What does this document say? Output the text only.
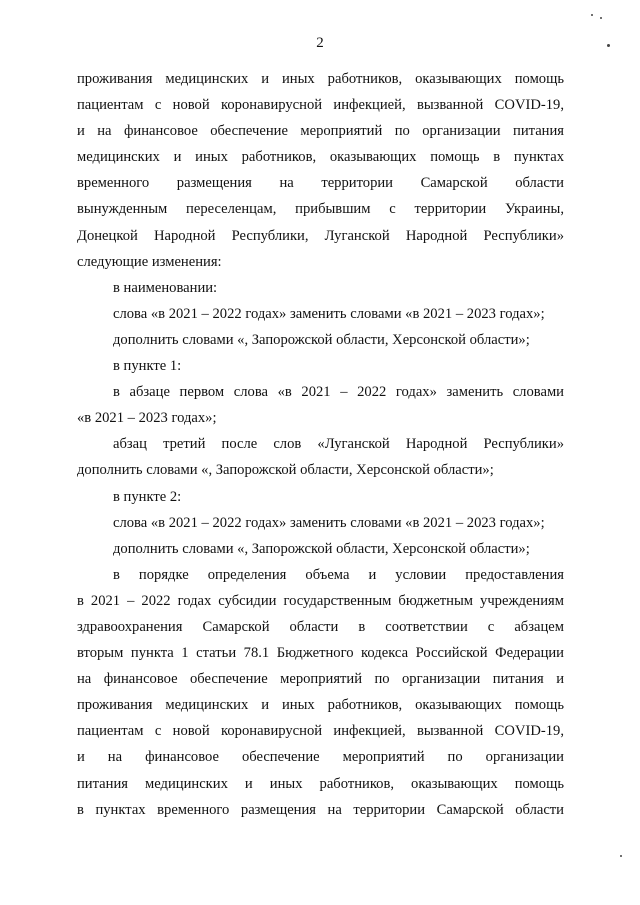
2

проживания медицинских и иных работников, оказывающих помощь

пациентам с новой коронавирусной инфекцией, вызванной COVID-19,

и на финансовое обеспечение мероприятий по организации питания

медицинских и иных работников, оказывающих помощь в пунктах

временного размещения на территории Самарской области

вынужденным переселенцам, прибывшим с территории Украины,

Донецкой Народной Республики, Луганской Народной Республики»

следующие изменения:

в наименовании:

слова «в 2021 – 2022 годах» заменить словами «в 2021 – 2023 годах»;

дополнить словами «, Запорожской области, Херсонской области»;

в пункте 1:

в абзаце первом слова «в 2021 – 2022 годах» заменить словами

«в 2021 – 2023 годах»;

абзац третий после слов «Луганской Народной Республики»

дополнить словами «, Запорожской области, Херсонской области»;

в пункте 2:

слова «в 2021 – 2022 годах» заменить словами «в 2021 – 2023 годах»;

дополнить словами «, Запорожской области, Херсонской области»;

в порядке определения объема и условии предоставления

в 2021 – 2022 годах субсидии государственным бюджетным учреждениям

здравоохранения Самарской области в соответствии с абзацем

вторым пункта 1 статьи 78.1 Бюджетного кодекса Российской Федерации

на финансовое обеспечение мероприятий по организации питания и

проживания медицинских и иных работников, оказывающих помощь

пациентам с новой коронавирусной инфекцией, вызванной COVID-19,

и на финансовое обеспечение мероприятий по организации

питания медицинских и иных работников, оказывающих помощь

в пунктах временного размещения на территории Самарской области
